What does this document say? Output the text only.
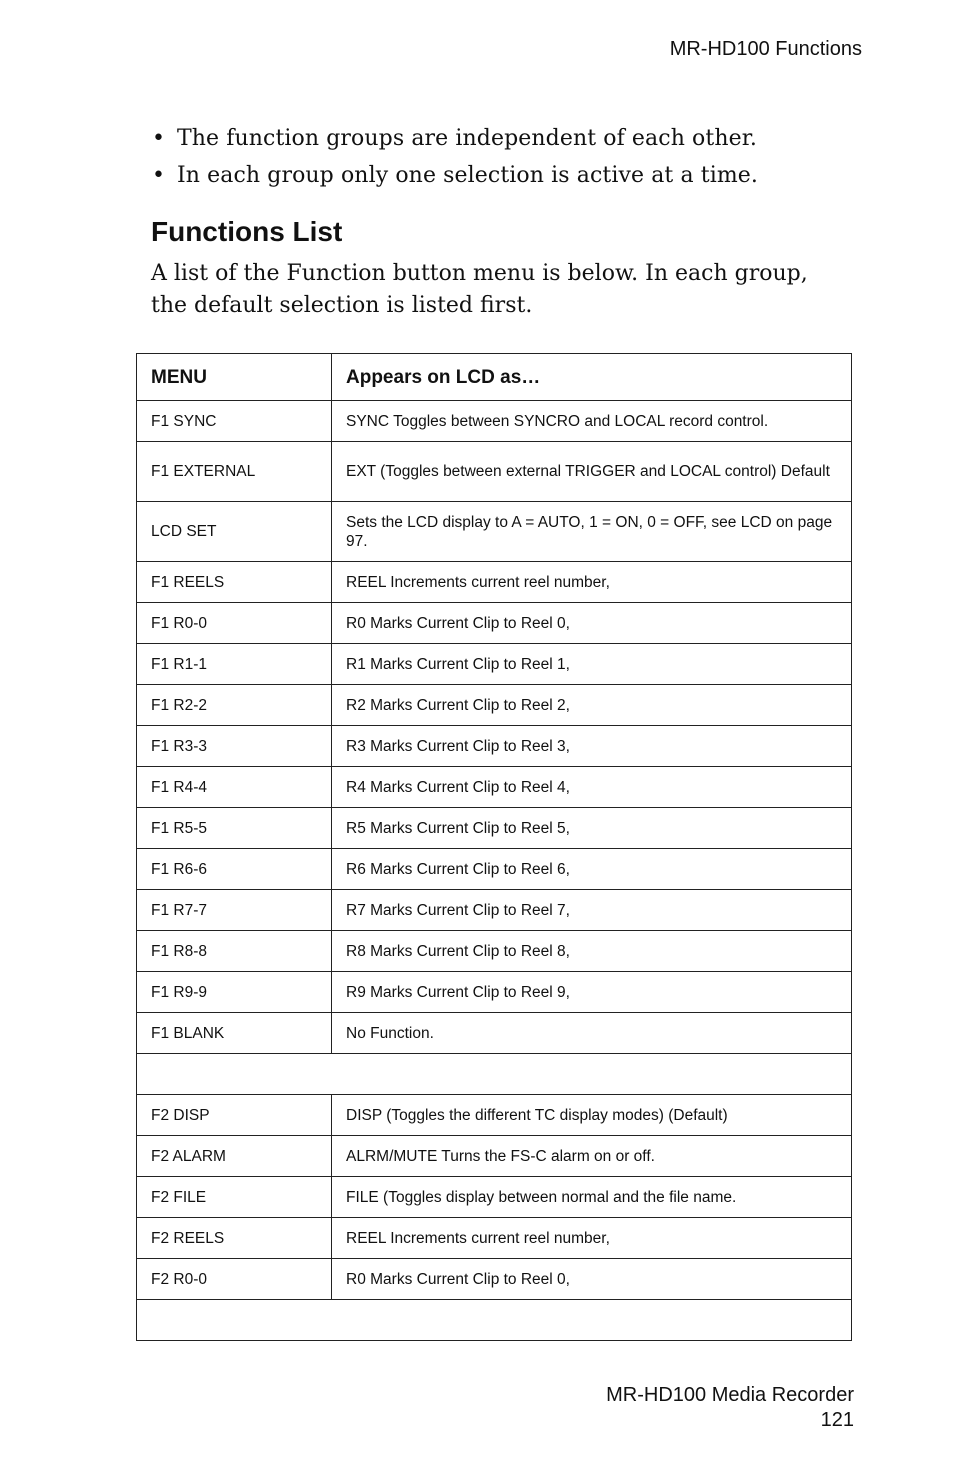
MR-HD100 Functions
• The function groups are independent of each other.
• In each group only one selection is active at a time.
Functions List

A list of the Function button menu is below. In each group, the default selection is listed first.

MENU	Appears on LCD as…
F1 SYNC	SYNC Toggles between SYNCRO and LOCAL record control.
F1 EXTERNAL	EXT (Toggles between external TRIGGER and LOCAL control) Default
LCD SET	Sets the LCD display to A = AUTO, 1 = ON, 0 = OFF, see LCD on page 97.
F1 REELS	REEL Increments current reel number,
F1 R0-0	R0 Marks Current Clip to Reel 0,
F1 R1-1	R1 Marks Current Clip to Reel 1,
F1 R2-2	R2 Marks Current Clip to Reel 2,
F1 R3-3	R3 Marks Current Clip to Reel 3,
F1 R4-4	R4 Marks Current Clip to Reel 4,
F1 R5-5	R5 Marks Current Clip to Reel 5,
F1 R6-6	R6 Marks Current Clip to Reel 6,
F1 R7-7	R7 Marks Current Clip to Reel 7,
F1 R8-8	R8 Marks Current Clip to Reel 8,
F1 R9-9	R9 Marks Current Clip to Reel 9,
F1 BLANK	No Function.

F2 DISP	DISP (Toggles the different TC display modes) (Default)
F2 ALARM	ALRM/MUTE Turns the FS-C alarm on or off.
F2 FILE	FILE (Toggles display between normal and the file name.
F2 REELS	REEL Increments current reel number,
F2 R0-0	R0 Marks Current Clip to Reel 0,

MR-HD100 Media Recorder
121
